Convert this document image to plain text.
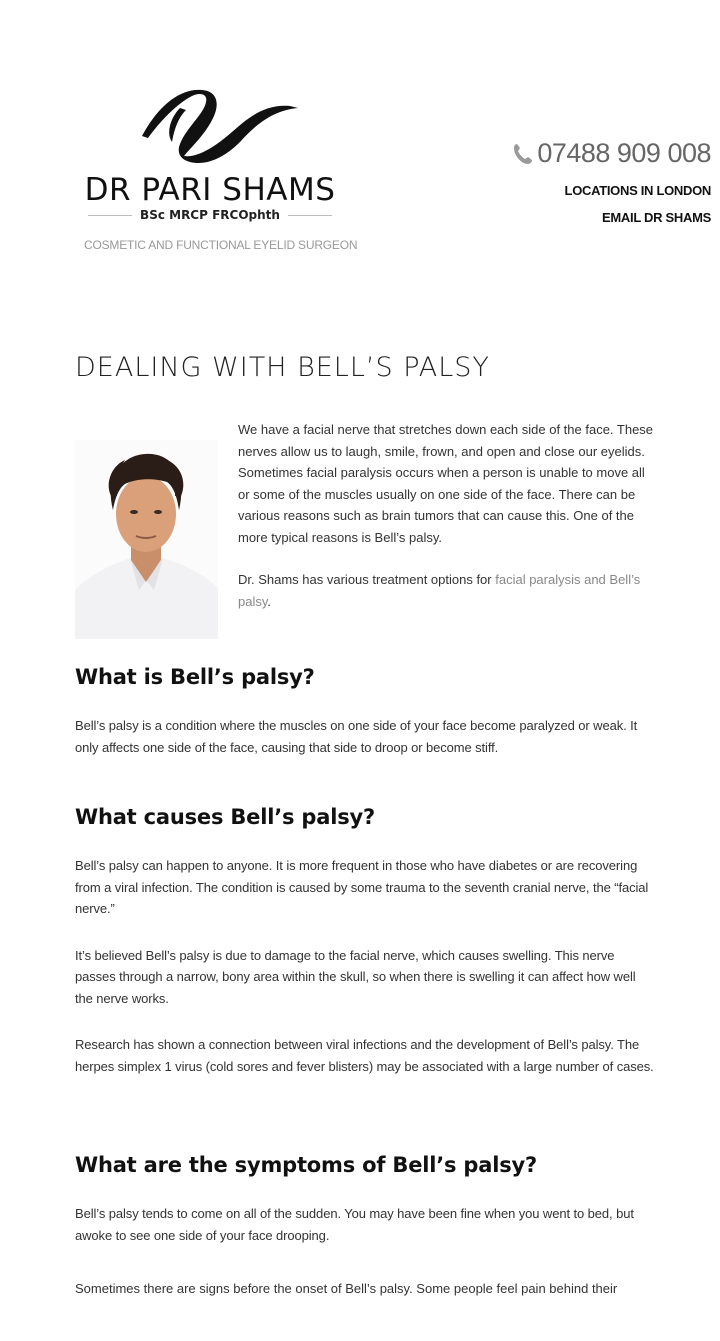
DR PARI SHAMS
BSc MRCP FRCOphth
COSMETIC AND FUNCTIONAL EYELID SURGEON
07488 909 008
LOCATIONS IN LONDON
EMAIL DR SHAMS
DEALING WITH BELL’S PALSY

We have a facial nerve that stretches down each side of the face. These nerves allow us to laugh, smile, frown, and open and close our eyelids. Sometimes facial paralysis occurs when a person is unable to move all or some of the muscles usually on one side of the face. There can be various reasons such as brain tumors that can cause this. One of the more typical reasons is Bell’s palsy.

Dr. Shams has various treatment options for facial paralysis and Bell’s palsy.

What is Bell’s palsy?

Bell’s palsy is a condition where the muscles on one side of your face become paralyzed or weak. It only affects one side of the face, causing that side to droop or become stiff.

What causes Bell’s palsy?

Bell’s palsy can happen to anyone. It is more frequent in those who have diabetes or are recovering from a viral infection. The condition is caused by some trauma to the seventh cranial nerve, the “facial nerve.”

It’s believed Bell’s palsy is due to damage to the facial nerve, which causes swelling. This nerve passes through a narrow, bony area within the skull, so when there is swelling it can affect how well the nerve works.

Research has shown a connection between viral infections and the development of Bell’s palsy. The herpes simplex 1 virus (cold sores and fever blisters) may be associated with a large number of cases.

What are the symptoms of Bell’s palsy?

Bell’s palsy tends to come on all of the sudden. You may have been fine when you went to bed, but awoke to see one side of your face drooping.

Sometimes there are signs before the onset of Bell’s palsy. Some people feel pain behind their
